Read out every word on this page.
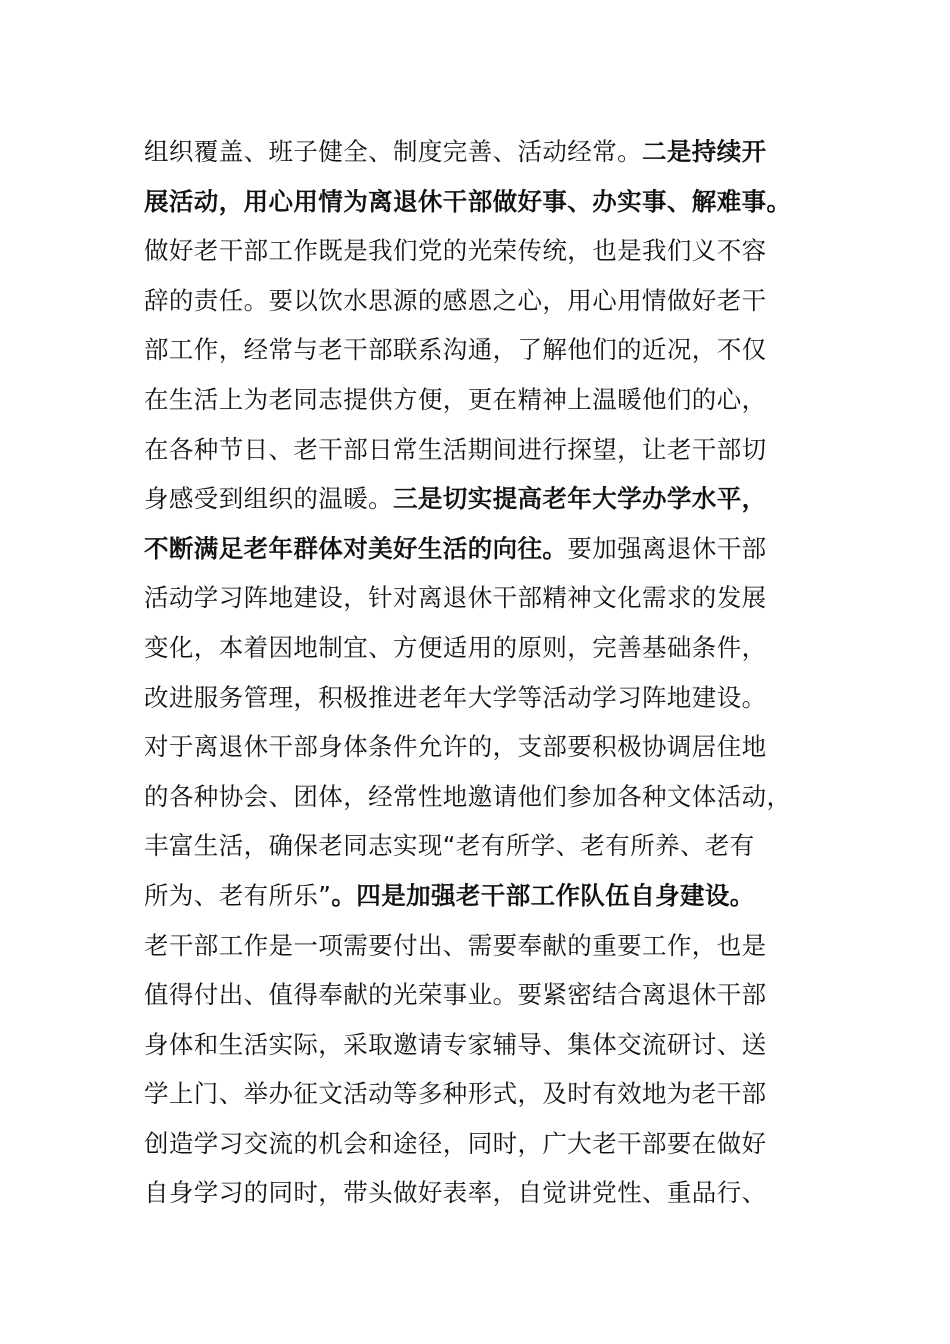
组织覆盖、班子健全、制度完善、活动经常。二是持续开
展活动，用心用情为离退休干部做好事、办实事、解难事。
做好老干部工作既是我们党的光荣传统，也是我们义不容
辞的责任。要以饮水思源的感恩之心，用心用情做好老干
部工作，经常与老干部联系沟通，了解他们的近况，不仅
在生活上为老同志提供方便，更在精神上温暖他们的心，
在各种节日、老干部日常生活期间进行探望，让老干部切
身感受到组织的温暖。三是切实提高老年大学办学水平，
不断满足老年群体对美好生活的向往。要加强离退休干部
活动学习阵地建设，针对离退休干部精神文化需求的发展
变化，本着因地制宜、方便适用的原则，完善基础条件，
改进服务管理，积极推进老年大学等活动学习阵地建设。
对于离退休干部身体条件允许的，支部要积极协调居住地
的各种协会、团体，经常性地邀请他们参加各种文体活动，
丰富生活，确保老同志实现“老有所学、老有所养、老有
所为、老有所乐”。四是加强老干部工作队伍自身建设。
老干部工作是一项需要付出、需要奉献的重要工作，也是
值得付出、值得奉献的光荣事业。要紧密结合离退休干部
身体和生活实际，采取邀请专家辅导、集体交流研讨、送
学上门、举办征文活动等多种形式，及时有效地为老干部
创造学习交流的机会和途径，同时，广大老干部要在做好
自身学习的同时，带头做好表率，自觉讲党性、重品行、
